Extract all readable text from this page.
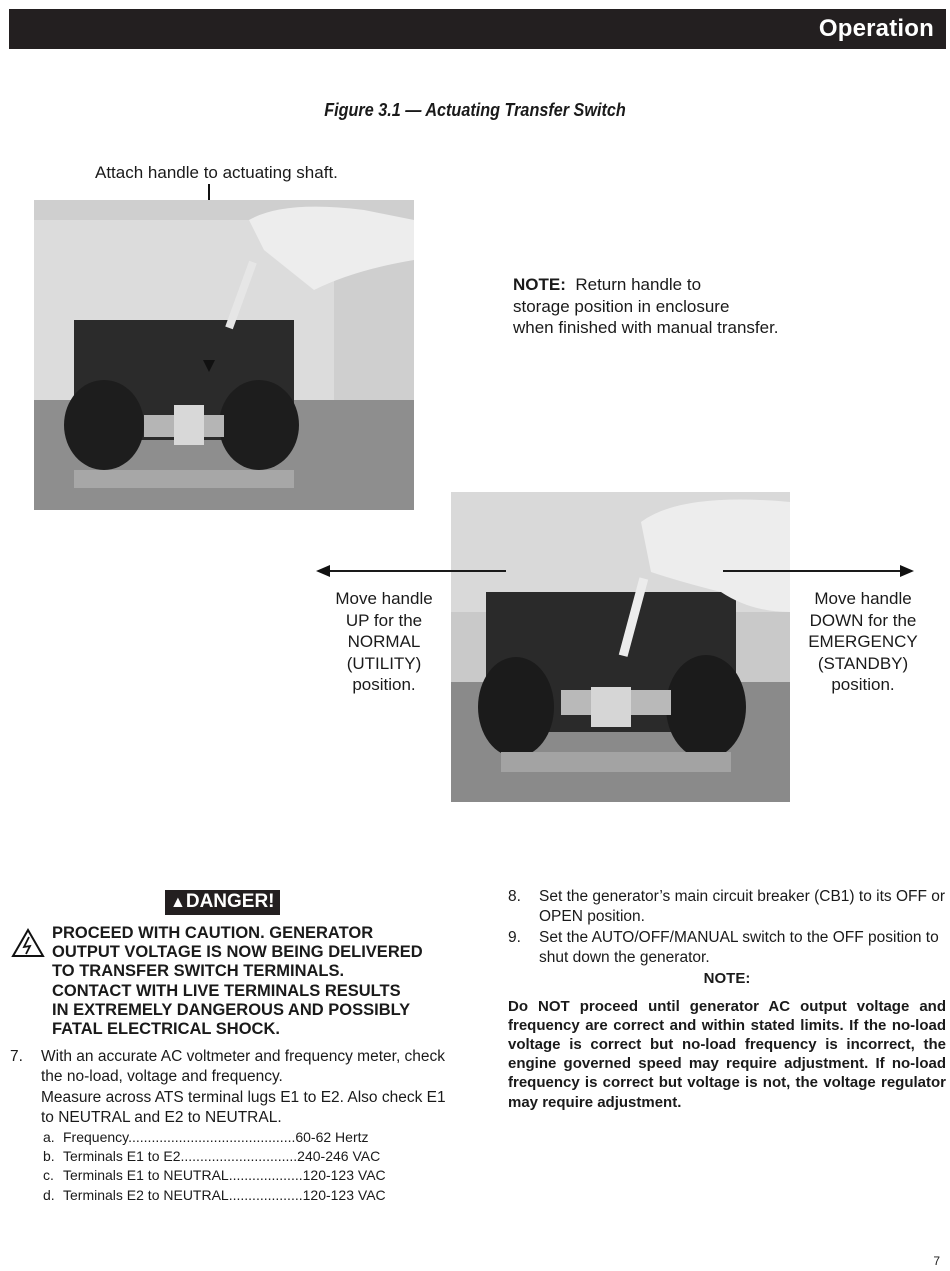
Operation
Figure 3.1 — Actuating Transfer Switch
Attach handle to actuating shaft.
NOTE: Return handle to
storage position in enclosure
when finished with manual transfer.
Move handle
UP for the
NORMAL
(UTILITY)
position.
Move handle
DOWN for the
EMERGENCY
(STANDBY)
position.
▲DANGER!
PROCEED WITH CAUTION. GENERATOR
OUTPUT VOLTAGE IS NOW BEING DELIVERED
TO TRANSFER SWITCH TERMINALS.
CONTACT WITH LIVE TERMINALS RESULTS
IN EXTREMELY DANGEROUS AND POSSIBLY
FATAL ELECTRICAL SHOCK.
7. With an accurate AC voltmeter and frequency meter, check the no-load, voltage and frequency.
Measure across ATS terminal lugs E1 to E2. Also check E1 to NEUTRAL and E2 to NEUTRAL.
a. Frequency...........................................60-62 Hertz
b. Terminals E1 to E2..............................240-246 VAC
c. Terminals E1 to NEUTRAL...................120-123 VAC
d. Terminals E2 to NEUTRAL...................120-123 VAC
8. Set the generator’s main circuit breaker (CB1) to its OFF or OPEN position.
9. Set the AUTO/OFF/MANUAL switch to the OFF position to shut down the generator.
NOTE:
Do NOT proceed until generator AC output voltage and frequency are correct and within stated limits. If the no-load voltage is correct but no-load frequency is incorrect, the engine governed speed may require adjustment. If no-load frequency is correct but voltage is not, the voltage regulator may require adjustment.
7
